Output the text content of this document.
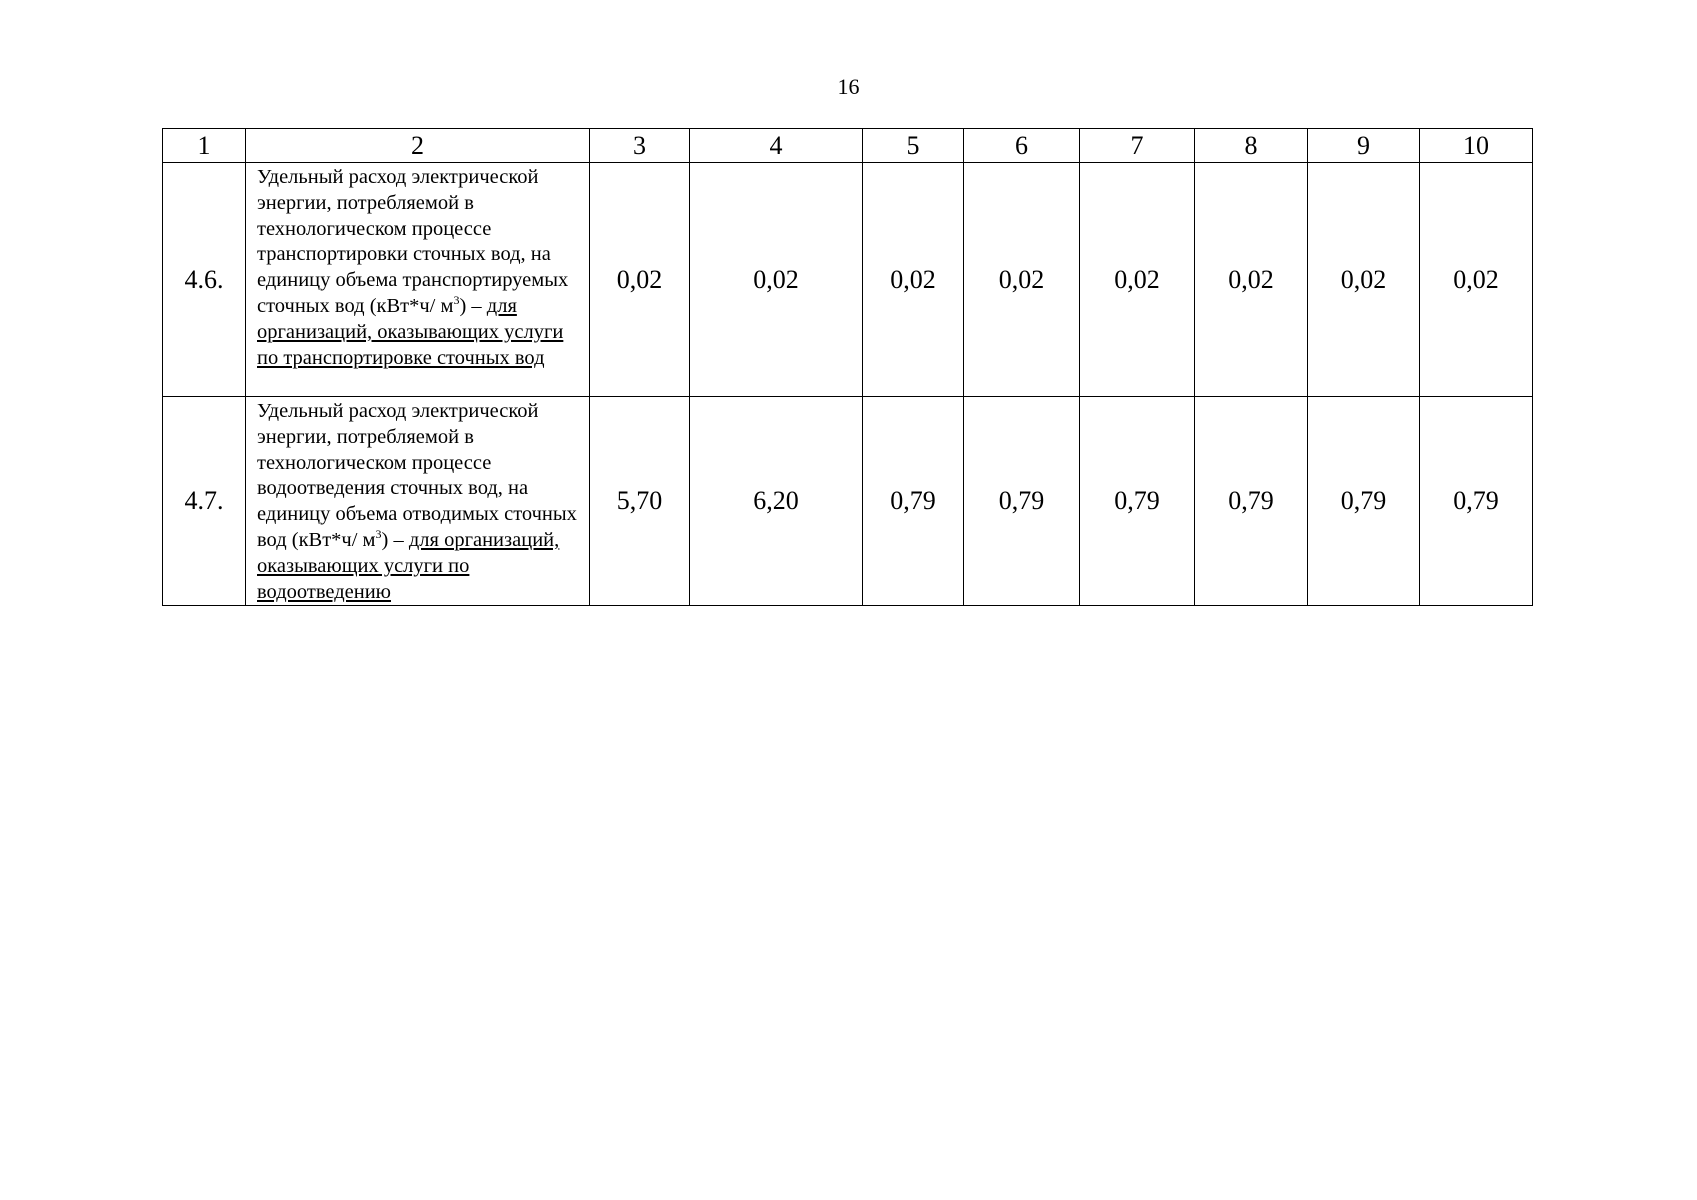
16
1	2	3	4	5	6	7	8	9	10
4.6.	Удельный расход электрической энергии, потребляемой в технологическом процессе транспортировки сточных вод, на единицу объема транспортируемых сточных вод (кВт*ч/ $м^3$) – для организаций, оказывающих услуги по транспортировке сточных вод	0,02	0,02	0,02	0,02	0,02	0,02	0,02	0,02
4.7.	Удельный расход электрической энергии, потребляемой в технологическом процессе водоотведения сточных вод, на единицу объема отводимых сточных вод (кВт*ч/ $м^3$) – для организаций, оказывающих услуги по водоотведению	5,70	6,20	0,79	0,79	0,79	0,79	0,79	0,79
